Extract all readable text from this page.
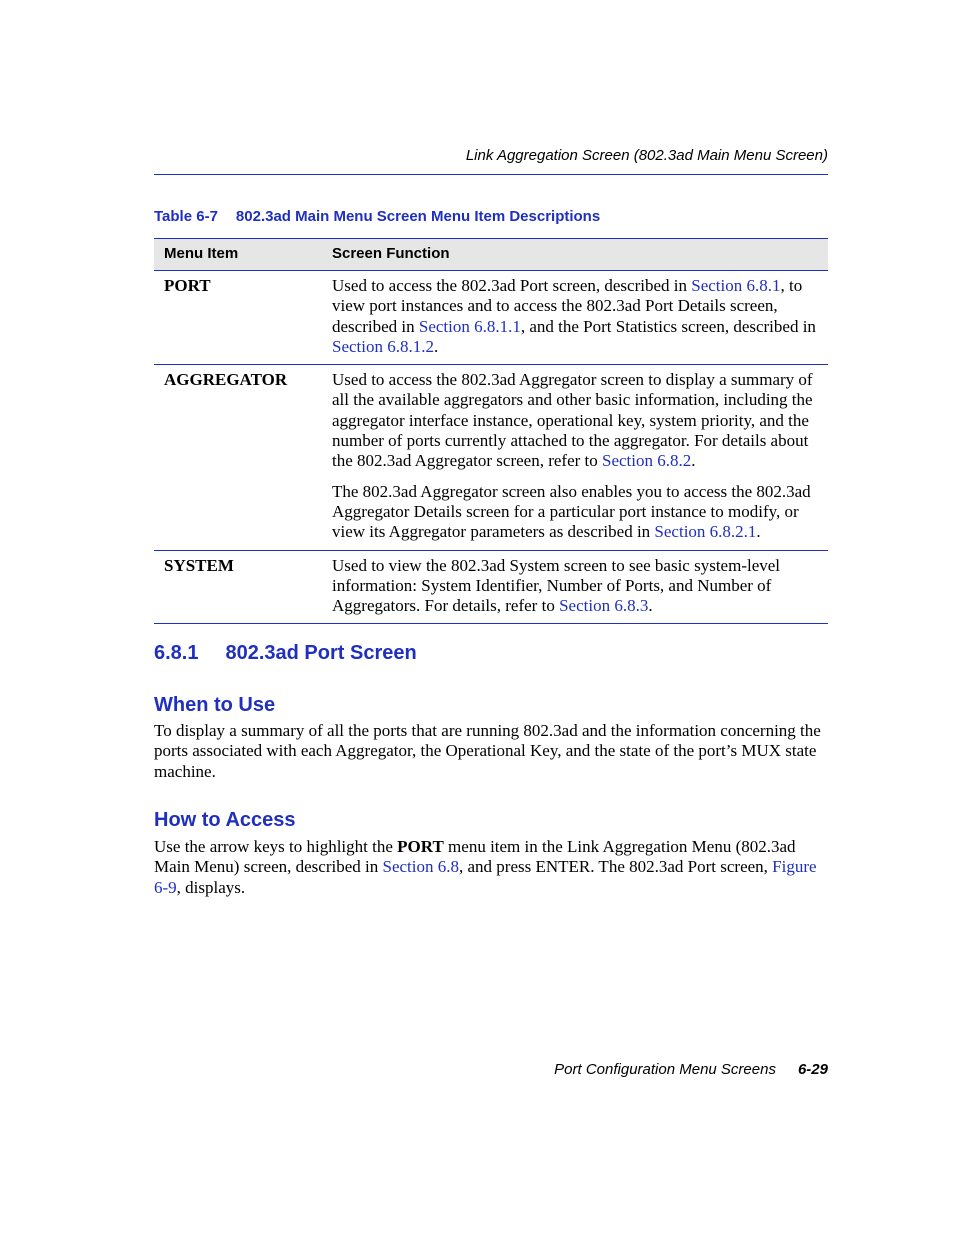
Link Aggregation Screen (802.3ad Main Menu Screen)
Table 6-7 802.3ad Main Menu Screen Menu Item Descriptions
Menu Item	Screen Function
PORT	Used to access the 802.3ad Port screen, described in Section 6.8.1, to view port instances and to access the 802.3ad Port Details screen, described in Section 6.8.1.1, and the Port Statistics screen, described in Section 6.8.1.2.

AGGREGATOR	Used to access the 802.3ad Aggregator screen to display a summary of all the available aggregators and other basic information, including the aggregator interface instance, operational key, system priority, and the number of ports currently attached to the aggregator. For details about the 802.3ad Aggregator screen, refer to Section 6.8.2.

The 802.3ad Aggregator screen also enables you to access the 802.3ad Aggregator Details screen for a particular port instance to modify, or view its Aggregator parameters as described in Section 6.8.2.1.

SYSTEM	Used to view the 802.3ad System screen to see basic system-level information: System Identifier, Number of Ports, and Number of Aggregators. For details, refer to Section 6.8.3.

6.8.1 802.3ad Port Screen
When to Use
To display a summary of all the ports that are running 802.3ad and the information concerning the ports associated with each Aggregator, the Operational Key, and the state of the port’s MUX state machine.
How to Access
Use the arrow keys to highlight the PORT menu item in the Link Aggregation Menu (802.3ad Main Menu) screen, described in Section 6.8, and press ENTER. The 802.3ad Port screen, Figure 6-9, displays.
Port Configuration Menu Screens 6-29
